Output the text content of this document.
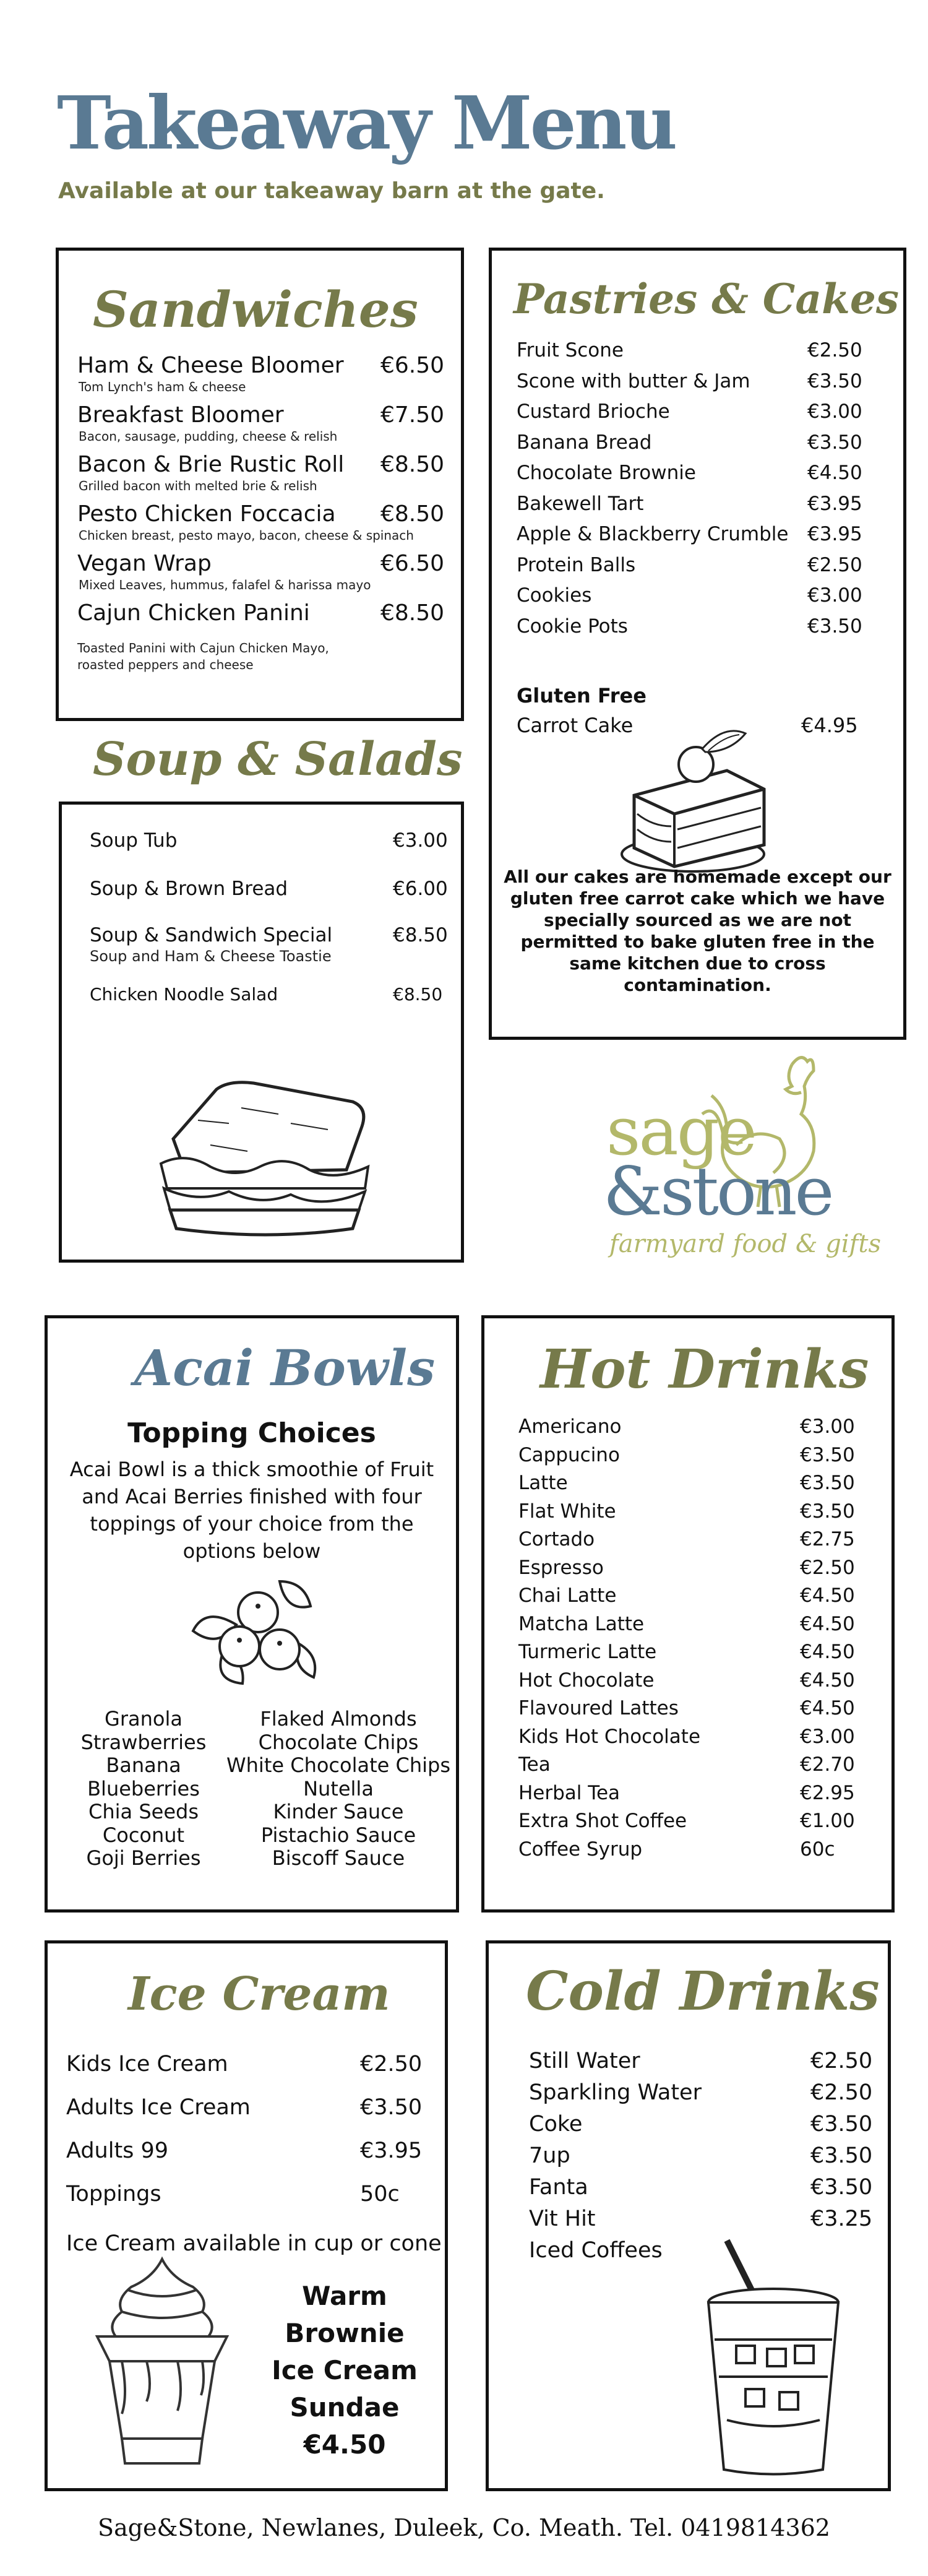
Takeaway Menu
Available at our takeaway barn at the gate.
Sandwiches
Toasted Panini with Cajun Chicken Mayo,
roasted peppers and cheese
Ham & Cheese Bloomer €6.50
Tom Lynch's ham & cheese
Breakfast Bloomer	€7.50
Bacon, sausage, pudding, cheese & relish
Bacon & Brie Rustic Roll €8.50
Grilled bacon with melted brie & relish
Pesto Chicken Foccacia €8.50
Chicken breast, pesto mayo, bacon, cheese & spinach
Vegan Wrap	€6.50
Mixed Leaves, hummus, falafel & harissa mayo
Cajun Chicken Panini	€8.50
Pastries & Cakes
Gluten Free
Carrot Cake	€4.95
Fruit Scone	€2.50
Scone with butter & Jam	€3.50
Custard Brioche	€3.00
Banana Bread	€3.50
Chocolate Brownie	€4.50
Bakewell Tart	€3.95
Apple & Blackberry Crumble €3.95
Protein Balls	€2.50
Cookies	€3.00
Cookie Pots	€3.50
All our cakes are homemade except our
gluten free carrot cake which we have
specially sourced as we are not
permitted to bake gluten free in the
same kitchen due to cross
contamination.
Soup & Salads
Soup Tub	€3.00
Soup & Brown Bread	€6.00
Soup & Sandwich Special	€8.50
Soup and Ham & Cheese Toastie
Chicken Noodle Salad	€8.50
sage
&stone
farmyard food & gifts
Acai Bowls
Topping Choices
Acai Bowl is a thick smoothie of Fruit
and Acai Berries finished with four
toppings of your choice from the
options below
Granola
Strawberries
Banana
Blueberries
Chia Seeds
Coconut
Goji Berries
Flaked Almonds
Chocolate Chips
White Chocolate Chips
Nutella
Kinder Sauce
Pistachio Sauce
Biscoff Sauce
Hot Drinks
Americano	€3.00
Cappucino	€3.50
Latte	€3.50
Flat White	€3.50
Cortado	€2.75
Espresso	€2.50
Chai Latte	€4.50
Matcha Latte	€4.50
Turmeric Latte	€4.50
Hot Chocolate	€4.50
Flavoured Lattes	€4.50
Kids Hot Chocolate	€3.00
Tea	€2.70
Herbal Tea	€2.95
Extra Shot Coffee	€1.00
Coffee Syrup	60c
Ice Cream
Ice Cream available in cup or cone
Kids Ice Cream	€2.50
Adults Ice Cream	€3.50
Adults 99	€3.95
Toppings	50c
Warm
Brownie
Ice Cream
Sundae
€4.50
Cold Drinks
Still Water	€2.50
Sparkling Water	€2.50
Coke	€3.50
7up	€3.50
Fanta	€3.50
Vit Hit	€3.25
Iced Coffees
Sage&Stone, Newlanes, Duleek, Co. Meath. Tel. 0419814362
